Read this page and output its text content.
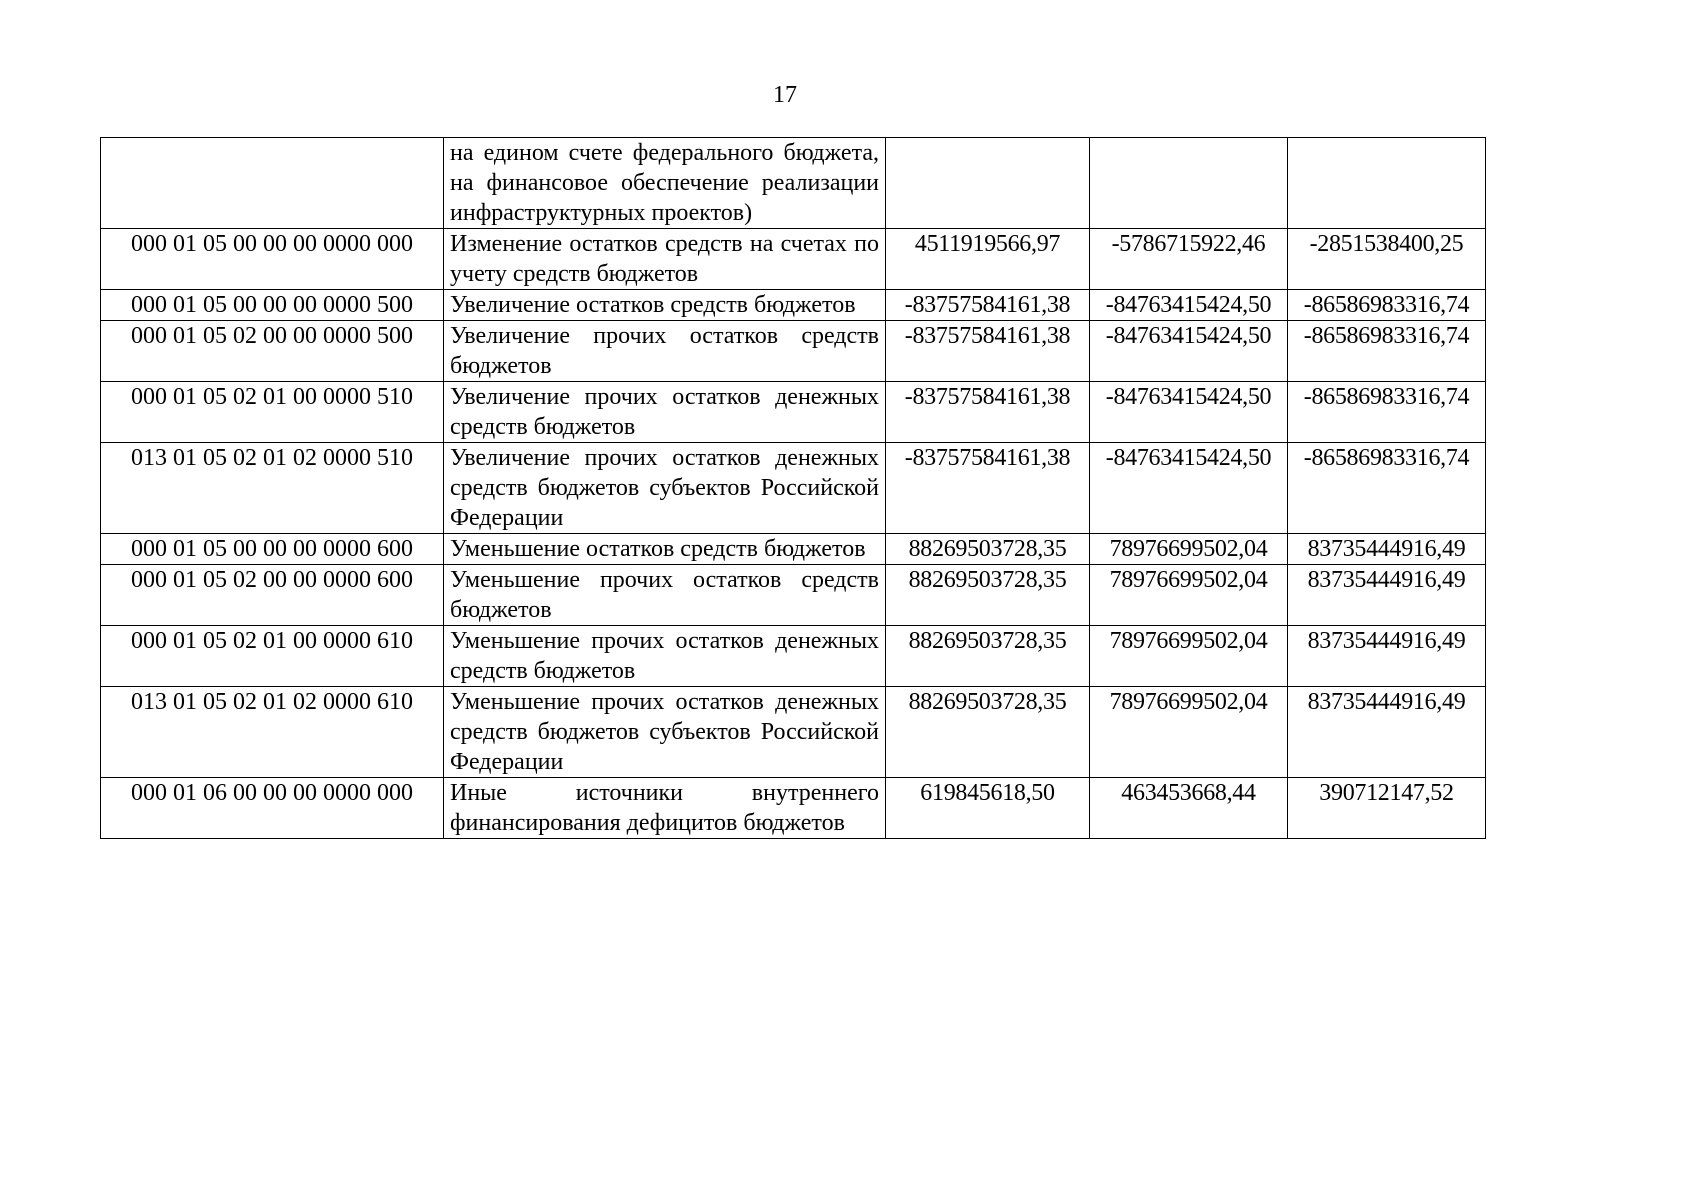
17
	на едином счете федерального бюджета, на финансовое обеспечение реализации инфраструктурных проектов)			
000 01 05 00 00 00 0000 000	Изменение остатков средств на счетах по учету средств бюджетов	4511919566,97	-5786715922,46	-2851538400,25
000 01 05 00 00 00 0000 500	Увеличение остатков средств бюджетов	-83757584161,38	-84763415424,50	-86586983316,74
000 01 05 02 00 00 0000 500	Увеличение прочих остатков средств бюджетов	-83757584161,38	-84763415424,50	-86586983316,74
000 01 05 02 01 00 0000 510	Увеличение прочих остатков денежных средств бюджетов	-83757584161,38	-84763415424,50	-86586983316,74
013 01 05 02 01 02 0000 510	Увеличение прочих остатков денежных средств бюджетов субъектов Российской Федерации	-83757584161,38	-84763415424,50	-86586983316,74
000 01 05 00 00 00 0000 600	Уменьшение остатков средств бюджетов	88269503728,35	78976699502,04	83735444916,49
000 01 05 02 00 00 0000 600	Уменьшение прочих остатков средств бюджетов	88269503728,35	78976699502,04	83735444916,49
000 01 05 02 01 00 0000 610	Уменьшение прочих остатков денежных средств бюджетов	88269503728,35	78976699502,04	83735444916,49
013 01 05 02 01 02 0000 610	Уменьшение прочих остатков денежных средств бюджетов субъектов Российской Федерации	88269503728,35	78976699502,04	83735444916,49
000 01 06 00 00 00 0000 000	Иные источники внутреннего финансирования дефицитов бюджетов	619845618,50	463453668,44	390712147,52
